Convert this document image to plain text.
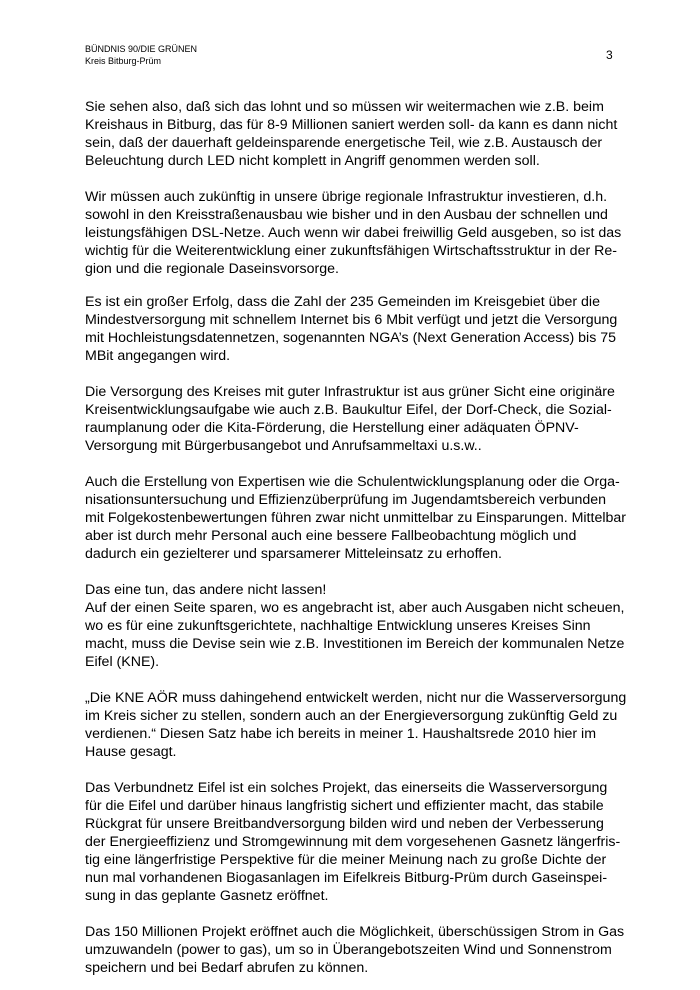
BÜNDNIS 90/DIE GRÜNEN
Kreis Bitburg-Prüm	3
Sie sehen also, daß sich das lohnt und so müssen wir weitermachen wie z.B. beim
Kreishaus in Bitburg, das für 8-9 Millionen saniert werden soll- da kann es dann nicht
sein, daß der dauerhaft geldeinsparende energetische Teil, wie z.B. Austausch der
Beleuchtung durch LED nicht komplett in Angriff genommen werden soll.
Wir müssen auch zukünftig in unsere übrige regionale Infrastruktur investieren, d.h.
sowohl in den Kreisstraßenausbau wie bisher und in den Ausbau der schnellen und
leistungsfähigen DSL-Netze. Auch wenn wir dabei freiwillig Geld ausgeben, so ist das
wichtig für die Weiterentwicklung einer zukunftsfähigen Wirtschaftsstruktur in der Re-
gion und die regionale Daseinsvorsorge.
Es ist ein großer Erfolg, dass die Zahl der 235 Gemeinden im Kreisgebiet über die
Mindestversorgung mit schnellem Internet bis 6 Mbit verfügt und jetzt die Versorgung
mit Hochleistungsdatennetzen, sogenannten NGA’s (Next Generation Access) bis 75
MBit angegangen wird.
Die Versorgung des Kreises mit guter Infrastruktur ist aus grüner Sicht eine originäre
Kreisentwicklungsaufgabe wie auch z.B. Baukultur Eifel, der Dorf-Check, die Sozial-
raumplanung oder die Kita-Förderung, die Herstellung einer adäquaten ÖPNV-
Versorgung mit Bürgerbusangebot und Anrufsammeltaxi u.s.w..
Auch die Erstellung von Expertisen wie die Schulentwicklungsplanung oder die Orga-
nisationsuntersuchung und Effizienzüberprüfung im Jugendamtsbereich verbunden
mit Folgekostenbewertungen führen zwar nicht unmittelbar zu Einsparungen. Mittelbar
aber ist durch mehr Personal auch eine bessere Fallbeobachtung möglich und
dadurch ein gezielterer und sparsamerer Mitteleinsatz zu erhoffen.
Das eine tun, das andere nicht lassen!
Auf der einen Seite sparen, wo es angebracht ist, aber auch Ausgaben nicht scheuen,
wo es für eine zukunftsgerichtete, nachhaltige Entwicklung unseres Kreises Sinn
macht, muss die Devise sein wie z.B. Investitionen im Bereich der kommunalen Netze
Eifel (KNE).
„Die KNE AÖR muss dahingehend entwickelt werden, nicht nur die Wasserversorgung
im Kreis sicher zu stellen, sondern auch an der Energieversorgung zukünftig Geld zu
verdienen.“ Diesen Satz habe ich bereits in meiner 1. Haushaltsrede 2010 hier im
Hause gesagt.
Das Verbundnetz Eifel ist ein solches Projekt, das einerseits die Wasserversorgung
für die Eifel und darüber hinaus langfristig sichert und effizienter macht, das stabile
Rückgrat für unsere Breitbandversorgung bilden wird und neben der Verbesserung
der Energieeffizienz und Stromgewinnung mit dem vorgesehenen Gasnetz längerfris-
tig eine längerfristige Perspektive für die meiner Meinung nach zu große Dichte der
nun mal vorhandenen Biogasanlagen im Eifelkreis Bitburg-Prüm durch Gaseinspei-
sung in das geplante Gasnetz eröffnet.
Das 150 Millionen Projekt eröffnet auch die Möglichkeit, überschüssigen Strom in Gas
umzuwandeln (power to gas), um so in Überangebotszeiten Wind und Sonnenstrom
speichern und bei Bedarf abrufen zu können.
